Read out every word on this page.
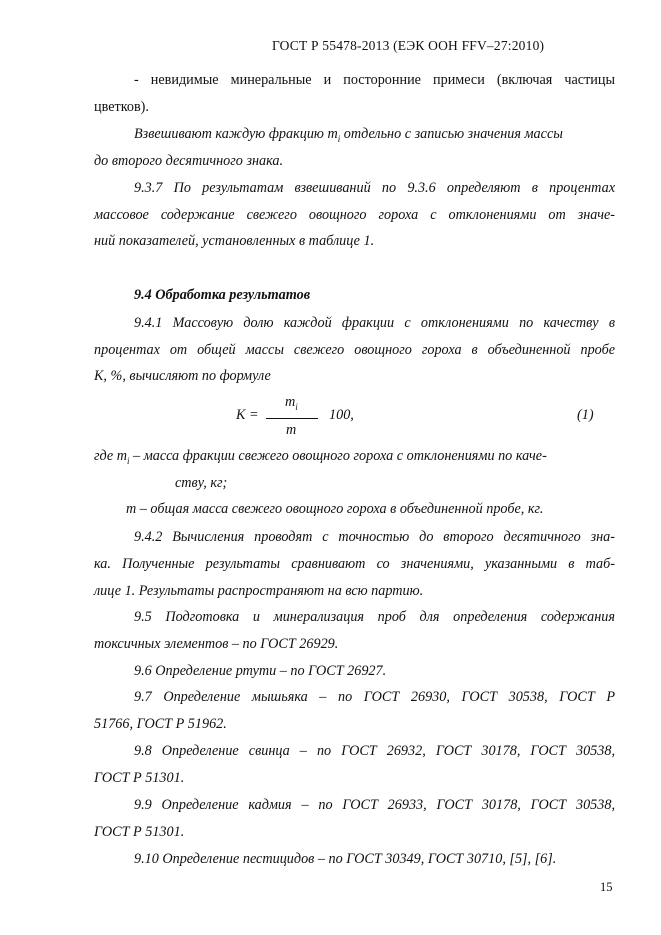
ГОСТ Р 55478-2013 (ЕЭК ООН FFV–27:2010)
- невидимые минеральные и посторонние примеси (включая частицы
цветков).
Взвешивают каждую фракцию $m_i$ отдельно с записью значения массы
до второго десятичного знака.
9.3.7 По результатам взвешиваний по 9.3.6 определяют в процентах
массовое содержание свежего овощного гороха с отклонениями от значе-
ний показателей, установленных в таблице 1.
9.4 Обработка результатов
9.4.1 Массовую долю каждой фракции с отклонениями по качеству в
процентах от общей массы свежего овощного гороха в объединенной пробе
К, %, вычисляют по формуле
К =
$m_i$
m
100,	(1)
где $m_i$ – масса фракции свежего овощного гороха с отклонениями по каче-
ству, кг;
m – общая масса свежего овощного гороха в объединенной пробе, кг.
9.4.2 Вычисления проводят с точностью до второго десятичного зна-
ка. Полученные результаты сравнивают со значениями, указанными в таб-
лице 1. Результаты распространяют на всю партию.
9.5 Подготовка и минерализация проб для определения содержания
токсичных элементов – по ГОСТ 26929.
9.6 Определение ртути – по ГОСТ 26927.
9.7 Определение мышьяка – по ГОСТ 26930, ГОСТ 30538, ГОСТ Р
51766, ГОСТ Р 51962.
9.8 Определение свинца – по ГОСТ 26932, ГОСТ 30178, ГОСТ 30538,
ГОСТ Р 51301.
9.9 Определение кадмия – по ГОСТ 26933, ГОСТ 30178, ГОСТ 30538,
ГОСТ Р 51301.
9.10 Определение пестицидов – по ГОСТ 30349, ГОСТ 30710, [5], [6].
15
